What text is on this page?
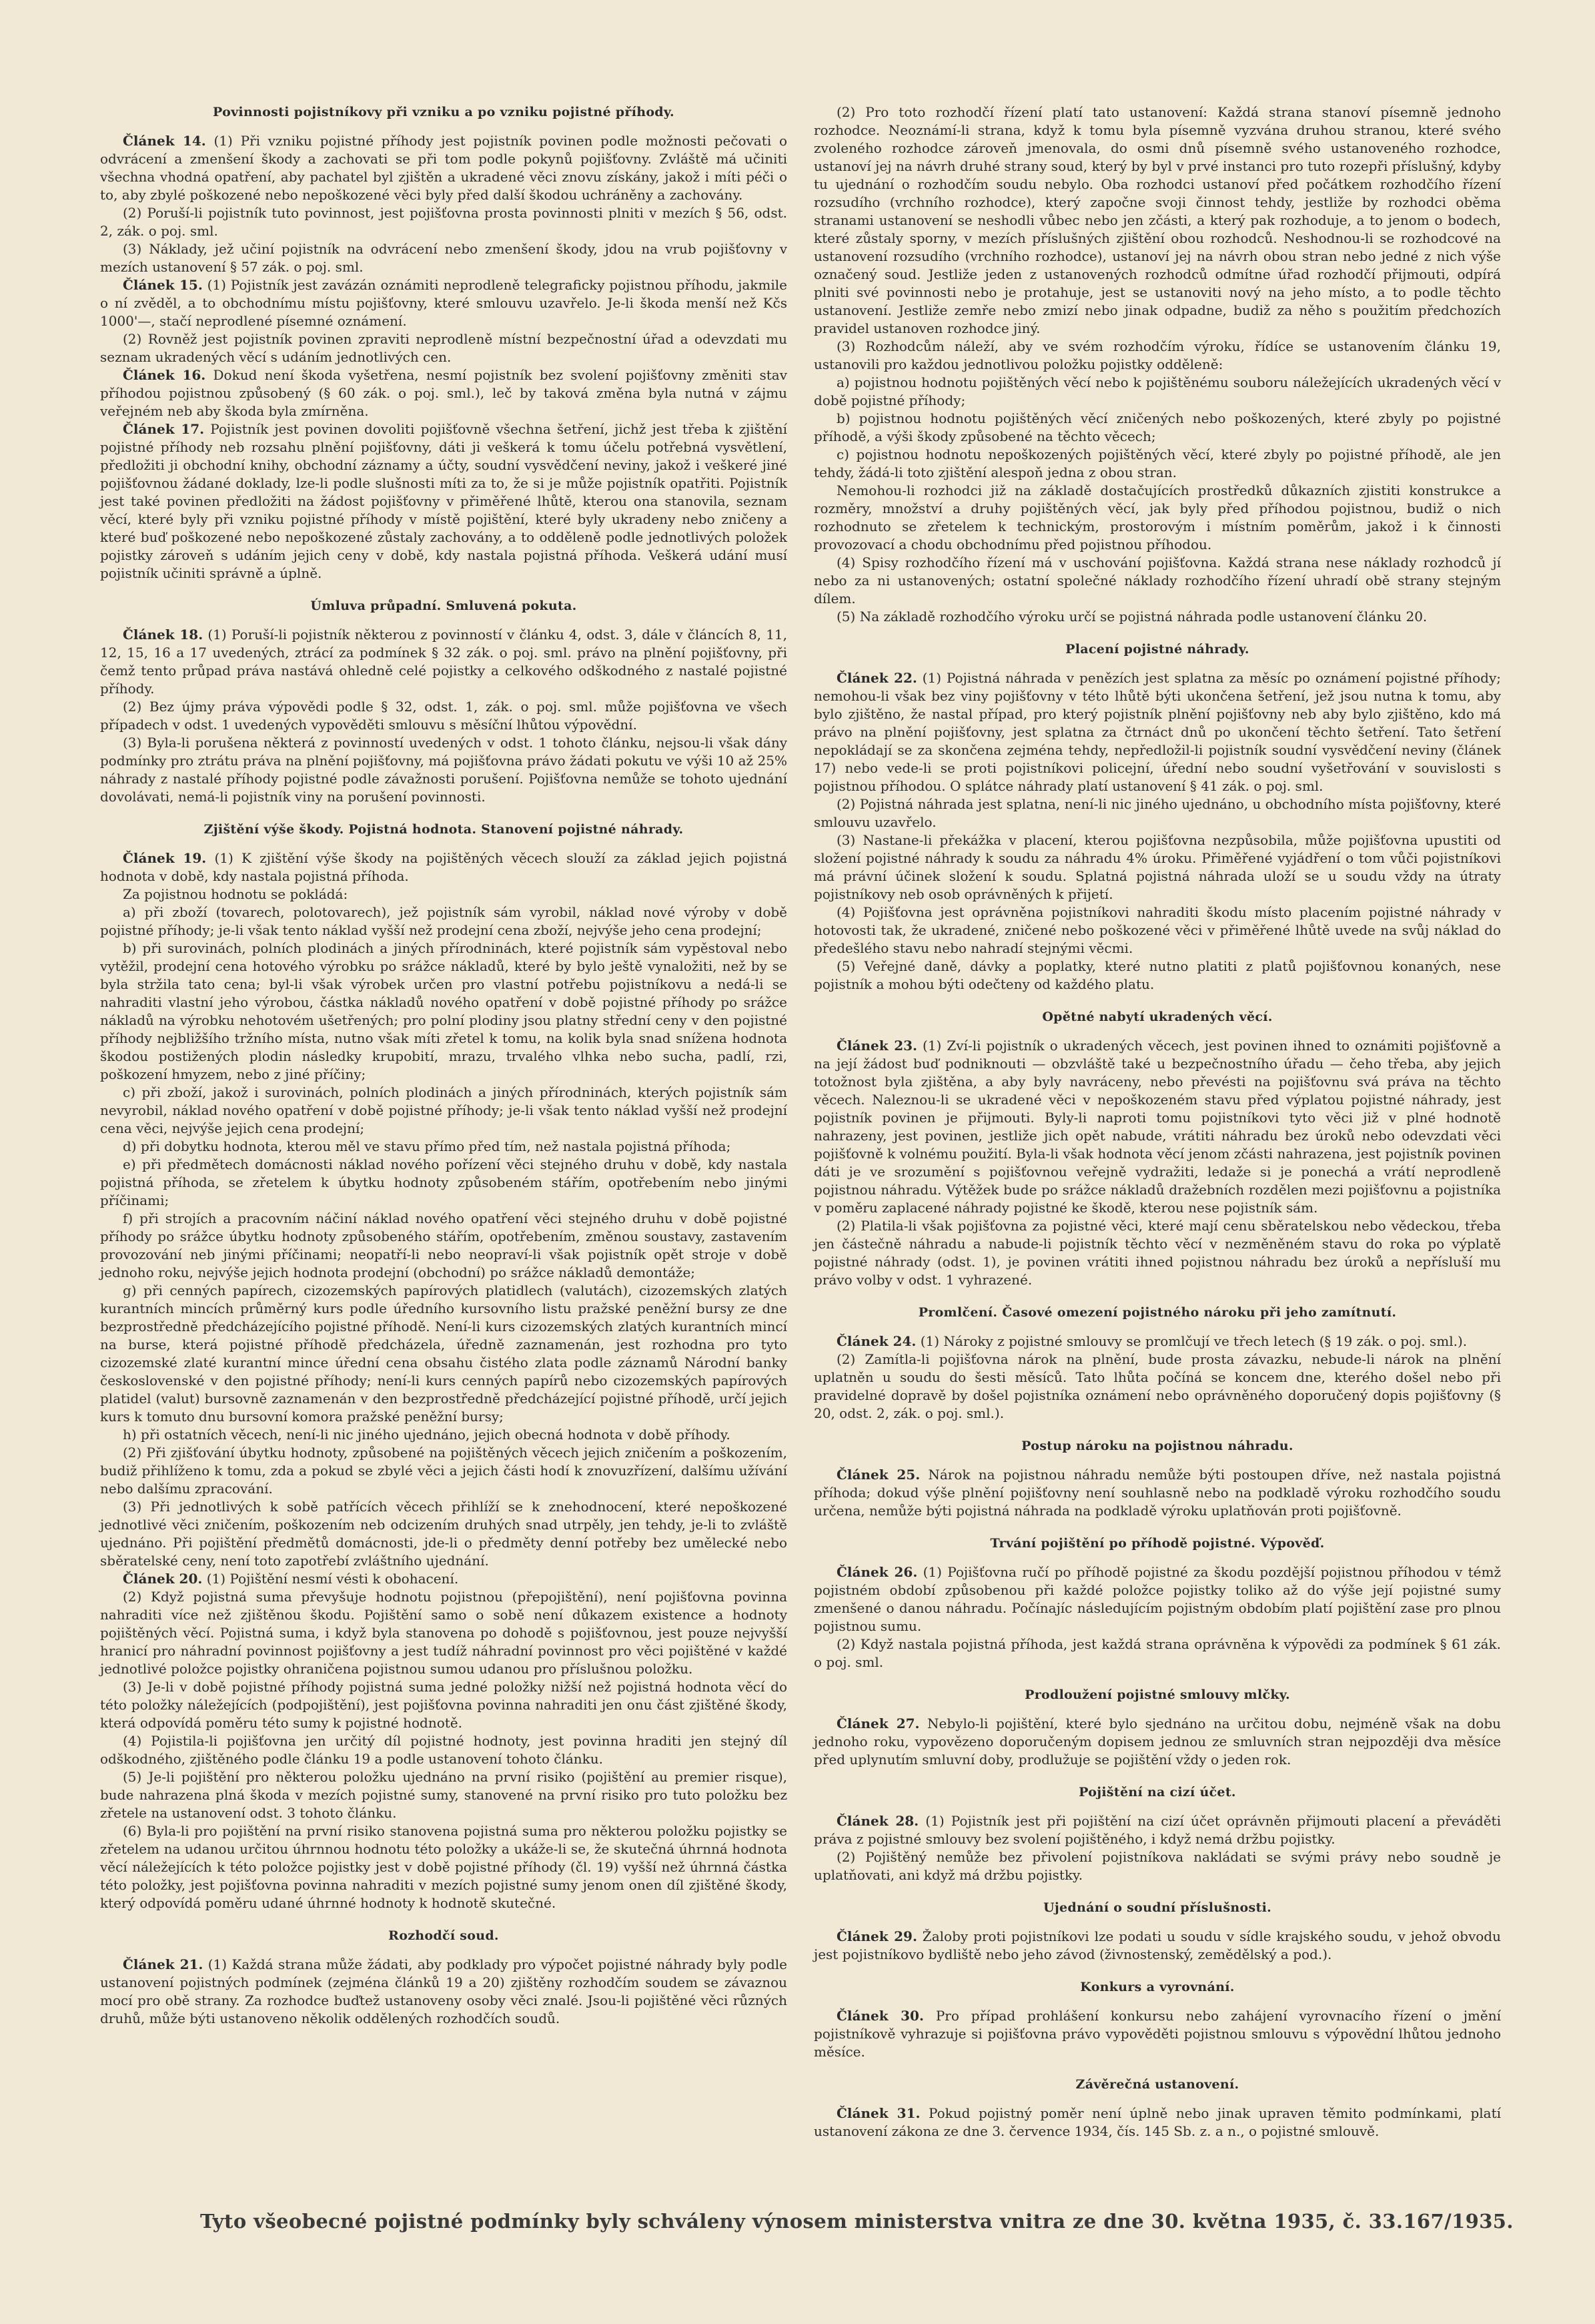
Povinnosti pojistníkovy při vzniku a po vzniku pojistné příhody.

Článek 14. (1) Při vzniku pojistné příhody jest pojistník povinen podle možnosti pečovati o odvrácení a zmenšení škody a zachovati se při tom podle pokynů pojišťovny. Zvláště má učiniti všechna vhodná opatření, aby pachatel byl zjištěn a ukradené věci znovu získány, jakož i míti péči o to, aby zbylé poškozené nebo nepoškozené věci byly před další škodou uchráněny a zachovány.

(2) Poruší-li pojistník tuto povinnost, jest pojišťovna prosta povinnosti plniti v mezích § 56, odst. 2, zák. o poj. sml.

(3) Náklady, jež učiní pojistník na odvrácení nebo zmenšení škody, jdou na vrub pojišťovny v mezích ustanovení § 57 zák. o poj. sml.

Článek 15. (1) Pojistník jest zavázán oznámiti neprodleně telegraficky pojistnou příhodu, jakmile o ní zvěděl, a to obchodnímu místu pojišťovny, které smlouvu uzavřelo. Je-li škoda menší než Kčs 1000'—, stačí neprodlené písemné oznámení.

(2) Rovněž jest pojistník povinen zpraviti neprodleně místní bezpečnostní úřad a odevzdati mu seznam ukradených věcí s udáním jednotlivých cen.

Článek 16. Dokud není škoda vyšetřena, nesmí pojistník bez svolení pojišťovny změniti stav příhodou pojistnou způsobený (§ 60 zák. o poj. sml.), leč by taková změna byla nutná v zájmu veřejném neb aby škoda byla zmírněna.

Článek 17. Pojistník jest povinen dovoliti pojišťovně všechna šetření, jichž jest třeba k zjištění pojistné příhody neb rozsahu plnění pojišťovny, dáti ji veškerá k tomu účelu potřebná vysvětlení, předložiti ji obchodní knihy, obchodní záznamy a účty, soudní vysvědčení neviny, jakož i veškeré jiné pojišťovnou žádané doklady, lze-li podle slušnosti míti za to, že si je může pojistník opatřiti. Pojistník jest také povinen předložiti na žádost pojišťovny v přiměřené lhůtě, kterou ona stanovila, seznam věcí, které byly při vzniku pojistné příhody v místě pojištění, které byly ukradeny nebo zničeny a které buď poškozené nebo nepoškozené zůstaly zachovány, a to odděleně podle jednotlivých položek pojistky zároveň s udáním jejich ceny v době, kdy nastala pojistná příhoda. Veškerá udání musí pojistník učiniti správně a úplně.

Úmluva průpadní. Smluvená pokuta.

Článek 18. (1) Poruší-li pojistník některou z povinností v článku 4, odst. 3, dále v článcích 8, 11, 12, 15, 16 a 17 uvedených, ztrácí za podmínek § 32 zák. o poj. sml. právo na plnění pojišťovny, při čemž tento průpad práva nastává ohledně celé pojistky a celkového odškodného z nastalé pojistné příhody.

(2) Bez újmy práva výpovědi podle § 32, odst. 1, zák. o poj. sml. může pojišťovna ve všech případech v odst. 1 uvedených vypověděti smlouvu s měsíční lhůtou výpovědní.

(3) Byla-li porušena některá z povinností uvedených v odst. 1 tohoto článku, nejsou-li však dány podmínky pro ztrátu práva na plnění pojišťovny, má pojišťovna právo žádati pokutu ve výši 10 až 25% náhrady z nastalé příhody pojistné podle závažnosti porušení. Pojišťovna nemůže se tohoto ujednání dovolávati, nemá-li pojistník viny na porušení povinnosti.

Zjištění výše škody. Pojistná hodnota. Stanovení pojistné náhrady.

Článek 19. (1) K zjištění výše škody na pojištěných věcech slouží za základ jejich pojistná hodnota v době, kdy nastala pojistná příhoda.

Za pojistnou hodnotu se pokládá:

a) při zboží (tovarech, polotovarech), jež pojistník sám vyrobil, náklad nové výroby v době pojistné příhody; je-li však tento náklad vyšší než prodejní cena zboží, nejvýše jeho cena prodejní;

b) při surovinách, polních plodinách a jiných přírodninách, které pojistník sám vypěstoval nebo vytěžil, prodejní cena hotového výrobku po srážce nákladů, které by bylo ještě vynaložiti, než by se byla stržila tato cena; byl-li však výrobek určen pro vlastní potřebu pojistníkovu a nedá-li se nahraditi vlastní jeho výrobou, částka nákladů nového opatření v době pojistné příhody po srážce nákladů na výrobku nehotovém ušetřených; pro polní plodiny jsou platny střední ceny v den pojistné příhody nejbližšího tržního místa, nutno však míti zřetel k tomu, na kolik byla snad snížena hodnota škodou postižených plodin následky krupobití, mrazu, trvalého vlhka nebo sucha, padlí, rzi, poškození hmyzem, nebo z jiné příčiny;

c) při zboží, jakož i surovinách, polních plodinách a jiných přírodninách, kterých pojistník sám nevyrobil, náklad nového opatření v době pojistné příhody; je-li však tento náklad vyšší než prodejní cena věci, nejvýše jejich cena prodejní;

d) při dobytku hodnota, kterou měl ve stavu přímo před tím, než nastala pojistná příhoda;

e) při předmětech domácnosti náklad nového pořízení věci stejného druhu v době, kdy nastala pojistná příhoda, se zřetelem k úbytku hodnoty způsobeném stářím, opotřebením nebo jinými příčinami;

f) při strojích a pracovním náčiní náklad nového opatření věci stejného druhu v době pojistné příhody po srážce úbytku hodnoty způsobeného stářím, opotřebením, změnou soustavy, zastavením provozování neb jinými příčinami; neopatří-li nebo neopraví-li však pojistník opět stroje v době jednoho roku, nejvýše jejich hodnota prodejní (obchodní) po srážce nákladů demontáže;

g) při cenných papírech, cizozemských papírových platidlech (valutách), cizozemských zlatých kurantních mincích průměrný kurs podle úředního kursovního listu pražské peněžní bursy ze dne bezprostředně předcházejícího pojistné příhodě. Není-li kurs cizozemských zlatých kurantních mincí na burse, která pojistné příhodě předcházela, úředně zaznamenán, jest rozhodna pro tyto cizozemské zlaté kurantní mince úřední cena obsahu čistého zlata podle záznamů Národní banky československé v den pojistné příhody; není-li kurs cenných papírů nebo cizozemských papírových platidel (valut) bursovně zaznamenán v den bezprostředně předcházející pojistné příhodě, určí jejich kurs k tomuto dnu bursovní komora pražské peněžní bursy;

h) při ostatních věcech, není-li nic jiného ujednáno, jejich obecná hodnota v době příhody.

(2) Při zjišťování úbytku hodnoty, způsobené na pojištěných věcech jejich zničením a poškozením, budiž přihlíženo k tomu, zda a pokud se zbylé věci a jejich části hodí k znovuzřízení, dalšímu užívání nebo dalšímu zpracování.

(3) Při jednotlivých k sobě patřících věcech přihlíží se k znehodnocení, které nepoškozené jednotlivé věci zničením, poškozením neb odcizením druhých snad utrpěly, jen tehdy, je-li to zvláště ujednáno. Při pojištění předmětů domácnosti, jde-li o předměty denní potřeby bez umělecké nebo sběratelské ceny, není toto zapotřebí zvláštního ujednání.

Článek 20. (1) Pojištění nesmí vésti k obohacení.

(2) Když pojistná suma převyšuje hodnotu pojistnou (přepojištění), není pojišťovna povinna nahraditi více než zjištěnou škodu. Pojištění samo o sobě není důkazem existence a hodnoty pojištěných věcí. Pojistná suma, i když byla stanovena po dohodě s pojišťovnou, jest pouze nejvyšší hranicí pro náhradní povinnost pojišťovny a jest tudíž náhradní povinnost pro věci pojištěné v každé jednotlivé položce pojistky ohraničena pojistnou sumou udanou pro příslušnou položku.

(3) Je-li v době pojistné příhody pojistná suma jedné položky nižší než pojistná hodnota věcí do této položky náležejících (podpojištění), jest pojišťovna povinna nahraditi jen onu část zjištěné škody, která odpovídá poměru této sumy k pojistné hodnotě.

(4) Pojistila-li pojišťovna jen určitý díl pojistné hodnoty, jest povinna hraditi jen stejný díl odškodného, zjištěného podle článku 19 a podle ustanovení tohoto článku.

(5) Je-li pojištění pro některou položku ujednáno na první risiko (pojištění au premier risque), bude nahrazena plná škoda v mezích pojistné sumy, stanovené na první risiko pro tuto položku bez zřetele na ustanovení odst. 3 tohoto článku.

(6) Byla-li pro pojištění na první risiko stanovena pojistná suma pro některou položku pojistky se zřetelem na udanou určitou úhrnnou hodnotu této položky a ukáže-li se, že skutečná úhrnná hodnota věcí náležejících k této položce pojistky jest v době pojistné příhody (čl. 19) vyšší než úhrnná částka této položky, jest pojišťovna povinna nahraditi v mezích pojistné sumy jenom onen díl zjištěné škody, který odpovídá poměru udané úhrnné hodnoty k hodnotě skutečné.

Rozhodčí soud.

Článek 21. (1) Každá strana může žádati, aby podklady pro výpočet pojistné náhrady byly podle ustanovení pojistných podmínek (zejména článků 19 a 20) zjištěny rozhodčím soudem se závaznou mocí pro obě strany. Za rozhodce buďtež ustanoveny osoby věci znalé. Jsou-li pojištěné věci různých druhů, může býti ustanoveno několik oddělených rozhodčích soudů.

(2) Pro toto rozhodčí řízení platí tato ustanovení: Každá strana stanoví písemně jednoho rozhodce. Neoznámí-li strana, když k tomu byla písemně vyzvána druhou stranou, které svého zvoleného rozhodce zároveň jmenovala, do osmi dnů písemně svého ustanoveného rozhodce, ustanoví jej na návrh druhé strany soud, který by byl v prvé instanci pro tuto rozepři příslušný, kdyby tu ujednání o rozhodčím soudu nebylo. Oba rozhodci ustanoví před počátkem rozhodčího řízení rozsudího (vrchního rozhodce), který započne svoji činnost tehdy, jestliže by rozhodci oběma stranami ustanovení se neshodli vůbec nebo jen zčásti, a který pak rozhoduje, a to jenom o bodech, které zůstaly sporny, v mezích příslušných zjištění obou rozhodců. Neshodnou-li se rozhodcové na ustanovení rozsudího (vrchního rozhodce), ustanoví jej na návrh obou stran nebo jedné z nich výše označený soud. Jestliže jeden z ustanovených rozhodců odmítne úřad rozhodčí přijmouti, odpírá plniti své povinnosti nebo je protahuje, jest se ustanoviti nový na jeho místo, a to podle těchto ustanovení. Jestliže zemře nebo zmizí nebo jinak odpadne, budiž za něho s použitím předchozích pravidel ustanoven rozhodce jiný.

(3) Rozhodcům náleží, aby ve svém rozhodčím výroku, řídíce se ustanovením článku 19, ustanovili pro každou jednotlivou položku pojistky odděleně:

a) pojistnou hodnotu pojištěných věcí nebo k pojištěnému souboru náležejících ukradených věcí v době pojistné příhody;

b) pojistnou hodnotu pojištěných věcí zničených nebo poškozených, které zbyly po pojistné příhodě, a výši škody způsobené na těchto věcech;

c) pojistnou hodnotu nepoškozených pojištěných věcí, které zbyly po pojistné příhodě, ale jen tehdy, žádá-li toto zjištění alespoň jedna z obou stran.

Nemohou-li rozhodci již na základě dostačujících prostředků důkazních zjistiti konstrukce a rozměry, množství a druhy pojištěných věcí, jak byly před příhodou pojistnou, budiž o nich rozhodnuto se zřetelem k technickým, prostorovým i místním poměrům, jakož i k činnosti provozovací a chodu obchodnímu před pojistnou příhodou.

(4) Spisy rozhodčího řízení má v uschování pojišťovna. Každá strana nese náklady rozhodců jí nebo za ni ustanovených; ostatní společné náklady rozhodčího řízení uhradí obě strany stejným dílem.

(5) Na základě rozhodčího výroku určí se pojistná náhrada podle ustanovení článku 20.

Placení pojistné náhrady.

Článek 22. (1) Pojistná náhrada v penězích jest splatna za měsíc po oznámení pojistné příhody; nemohou-li však bez viny pojišťovny v této lhůtě býti ukončena šetření, jež jsou nutna k tomu, aby bylo zjištěno, že nastal případ, pro který pojistník plnění pojišťovny neb aby bylo zjištěno, kdo má právo na plnění pojišťovny, jest splatna za čtrnáct dnů po ukončení těchto šetření. Tato šetření nepokládají se za skončena zejména tehdy, nepředložil-li pojistník soudní vysvědčení neviny (článek 17) nebo vede-li se proti pojistníkovi policejní, úřední nebo soudní vyšetřování v souvislosti s pojistnou příhodou. O splátce náhrady platí ustanovení § 41 zák. o poj. sml.

(2) Pojistná náhrada jest splatna, není-li nic jiného ujednáno, u obchodního místa pojišťovny, které smlouvu uzavřelo.

(3) Nastane-li překážka v placení, kterou pojišťovna nezpůsobila, může pojišťovna upustiti od složení pojistné náhrady k soudu za náhradu 4% úroku. Přiměřené vyjádření o tom vůči pojistníkovi má právní účinek složení k soudu. Splatná pojistná náhrada uloží se u soudu vždy na útraty pojistníkovy neb osob oprávněných k přijetí.

(4) Pojišťovna jest oprávněna pojistníkovi nahraditi škodu místo placením pojistné náhrady v hotovosti tak, že ukradené, zničené nebo poškozené věci v přiměřené lhůtě uvede na svůj náklad do předešlého stavu nebo nahradí stejnými věcmi.

(5) Veřejné daně, dávky a poplatky, které nutno platiti z platů pojišťovnou konaných, nese pojistník a mohou býti odečteny od každého platu.

Opětné nabytí ukradených věcí.

Článek 23. (1) Zví-li pojistník o ukradených věcech, jest povinen ihned to oznámiti pojišťovně a na její žádost buď podniknouti — obzvláště také u bezpečnostního úřadu — čeho třeba, aby jejich totožnost byla zjištěna, a aby byly navráceny, nebo převésti na pojišťovnu svá práva na těchto věcech. Naleznou-li se ukradené věci v nepoškozeném stavu před výplatou pojistné náhrady, jest pojistník povinen je přijmouti. Byly-li naproti tomu pojistníkovi tyto věci již v plné hodnotě nahrazeny, jest povinen, jestliže jich opět nabude, vrátiti náhradu bez úroků nebo odevzdati věci pojišťovně k volnému použití. Byla-li však hodnota věcí jenom zčásti nahrazena, jest pojistník povinen dáti je ve srozumění s pojišťovnou veřejně vydražiti, ledaže si je ponechá a vrátí neprodleně pojistnou náhradu. Výtěžek bude po srážce nákladů dražebních rozdělen mezi pojišťovnu a pojistníka v poměru zaplacené náhrady pojistné ke škodě, kterou nese pojistník sám.

(2) Platila-li však pojišťovna za pojistné věci, které mají cenu sběratelskou nebo vědeckou, třeba jen částečně náhradu a nabude-li pojistník těchto věcí v nezměněném stavu do roka po výplatě pojistné náhrady (odst. 1), je povinen vrátiti ihned pojistnou náhradu bez úroků a nepřísluší mu právo volby v odst. 1 vyhrazené.

Promlčení. Časové omezení pojistného nároku při jeho zamítnutí.

Článek 24. (1) Nároky z pojistné smlouvy se promlčují ve třech letech (§ 19 zák. o poj. sml.).

(2) Zamítla-li pojišťovna nárok na plnění, bude prosta závazku, nebude-li nárok na plnění uplatněn u soudu do šesti měsíců. Tato lhůta počíná se koncem dne, kterého došel nebo při pravidelné dopravě by došel pojistníka oznámení nebo oprávněného doporučený dopis pojišťovny (§ 20, odst. 2, zák. o poj. sml.).

Postup nároku na pojistnou náhradu.

Článek 25. Nárok na pojistnou náhradu nemůže býti postoupen dříve, než nastala pojistná příhoda; dokud výše plnění pojišťovny není souhlasně nebo na podkladě výroku rozhodčího soudu určena, nemůže býti pojistná náhrada na podkladě výroku uplatňován proti pojišťovně.

Trvání pojištění po příhodě pojistné. Výpověď.

Článek 26. (1) Pojišťovna ručí po příhodě pojistné za škodu pozdější pojistnou příhodou v témž pojistném období způsobenou při každé položce pojistky toliko až do výše její pojistné sumy zmenšené o danou náhradu. Počínajíc následujícím pojistným obdobím platí pojištění zase pro plnou pojistnou sumu.

(2) Když nastala pojistná příhoda, jest každá strana oprávněna k výpovědi za podmínek § 61 zák. o poj. sml.

Prodloužení pojistné smlouvy mlčky.

Článek 27. Nebylo-li pojištění, které bylo sjednáno na určitou dobu, nejméně však na dobu jednoho roku, vypovězeno doporučeným dopisem jednou ze smluvních stran nejpozději dva měsíce před uplynutím smluvní doby, prodlužuje se pojištění vždy o jeden rok.

Pojištění na cizí účet.

Článek 28. (1) Pojistník jest při pojištění na cizí účet oprávněn přijmouti placení a převáděti práva z pojistné smlouvy bez svolení pojištěného, i když nemá držbu pojistky.

(2) Pojištěný nemůže bez přivolení pojistníkova nakládati se svými právy nebo soudně je uplatňovati, ani když má držbu pojistky.

Ujednání o soudní příslušnosti.

Článek 29. Žaloby proti pojistníkovi lze podati u soudu v sídle krajského soudu, v jehož obvodu jest pojistníkovo bydliště nebo jeho závod (živnostenský, zemědělský a pod.).

Konkurs a vyrovnání.

Článek 30. Pro případ prohlášení konkursu nebo zahájení vyrovnacího řízení o jmění pojistníkově vyhrazuje si pojišťovna právo vypověděti pojistnou smlouvu s výpovědní lhůtou jednoho měsíce.

Závěrečná ustanovení.

Článek 31. Pokud pojistný poměr není úplně nebo jinak upraven těmito podmínkami, platí ustanovení zákona ze dne 3. července 1934, čís. 145 Sb. z. a n., o pojistné smlouvě.

Tyto všeobecné pojistné podmínky byly schváleny výnosem ministerstva vnitra ze dne 30. května 1935, č. 33.167/1935.
